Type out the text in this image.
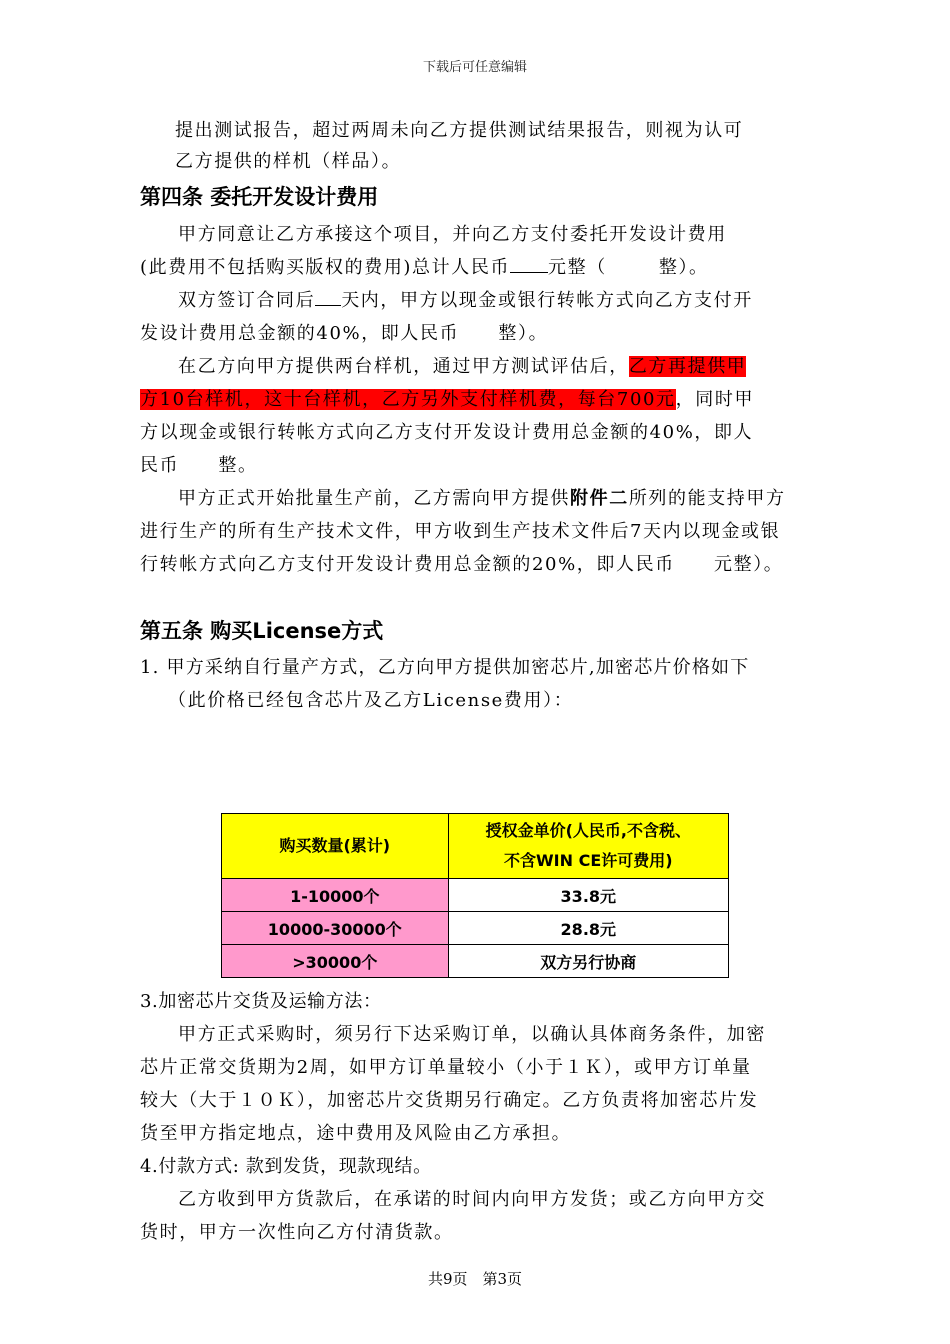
下载后可任意编辑
提出测试报告，超过两周未向乙方提供测试结果报告，则视为认可
乙方提供的样机（样品）。
第四条 委托开发设计费用
甲方同意让乙方承接这个项目，并向乙方支付委托开发设计费用
(此费用不包括购买版权的费用)总计人民币 元整（	整）。
双方签订合同后 天内，甲方以现金或银行转帐方式向乙方支付开
发设计费用总金额的40%，即人民币　　整）。
在乙方向甲方提供两台样机，通过甲方测试评估后，乙方再提供甲
方10台样机，这十台样机，乙方另外支付样机费，每台700元，同时甲
方以现金或银行转帐方式向乙方支付开发设计费用总金额的40%，即人
民币　　整。
甲方正式开始批量生产前，乙方需向甲方提供附件二所列的能支持甲方
进行生产的所有生产技术文件，甲方收到生产技术文件后7天内以现金或银
行转帐方式向乙方支付开发设计费用总金额的20%，即人民币　　元整）。
第五条 购买License方式
1. 甲方采纳自行量产方式，乙方向甲方提供加密芯片,加密芯片价格如下
（此价格已经包含芯片及乙方License费用）：
购买数量(累计)	授权金单价(人民币,不含税、
不含WIN CE许可费用)

1-10000个	33.8元
10000-30000个	28.8元
>30000个	双方另行协商
3.加密芯片交货及运输方法：
甲方正式采购时，须另行下达采购订单，以确认具体商务条件，加密
芯片正常交货期为2周，如甲方订单量较小（小于１Ｋ），或甲方订单量
较大（大于１０Ｋ），加密芯片交货期另行确定。乙方负责将加密芯片发
货至甲方指定地点，途中费用及风险由乙方承担。
4.付款方式: 款到发货，现款现结。
乙方收到甲方货款后，在承诺的时间内向甲方发货；或乙方向甲方交
货时，甲方一次性向乙方付清货款。
共9页　第3页
